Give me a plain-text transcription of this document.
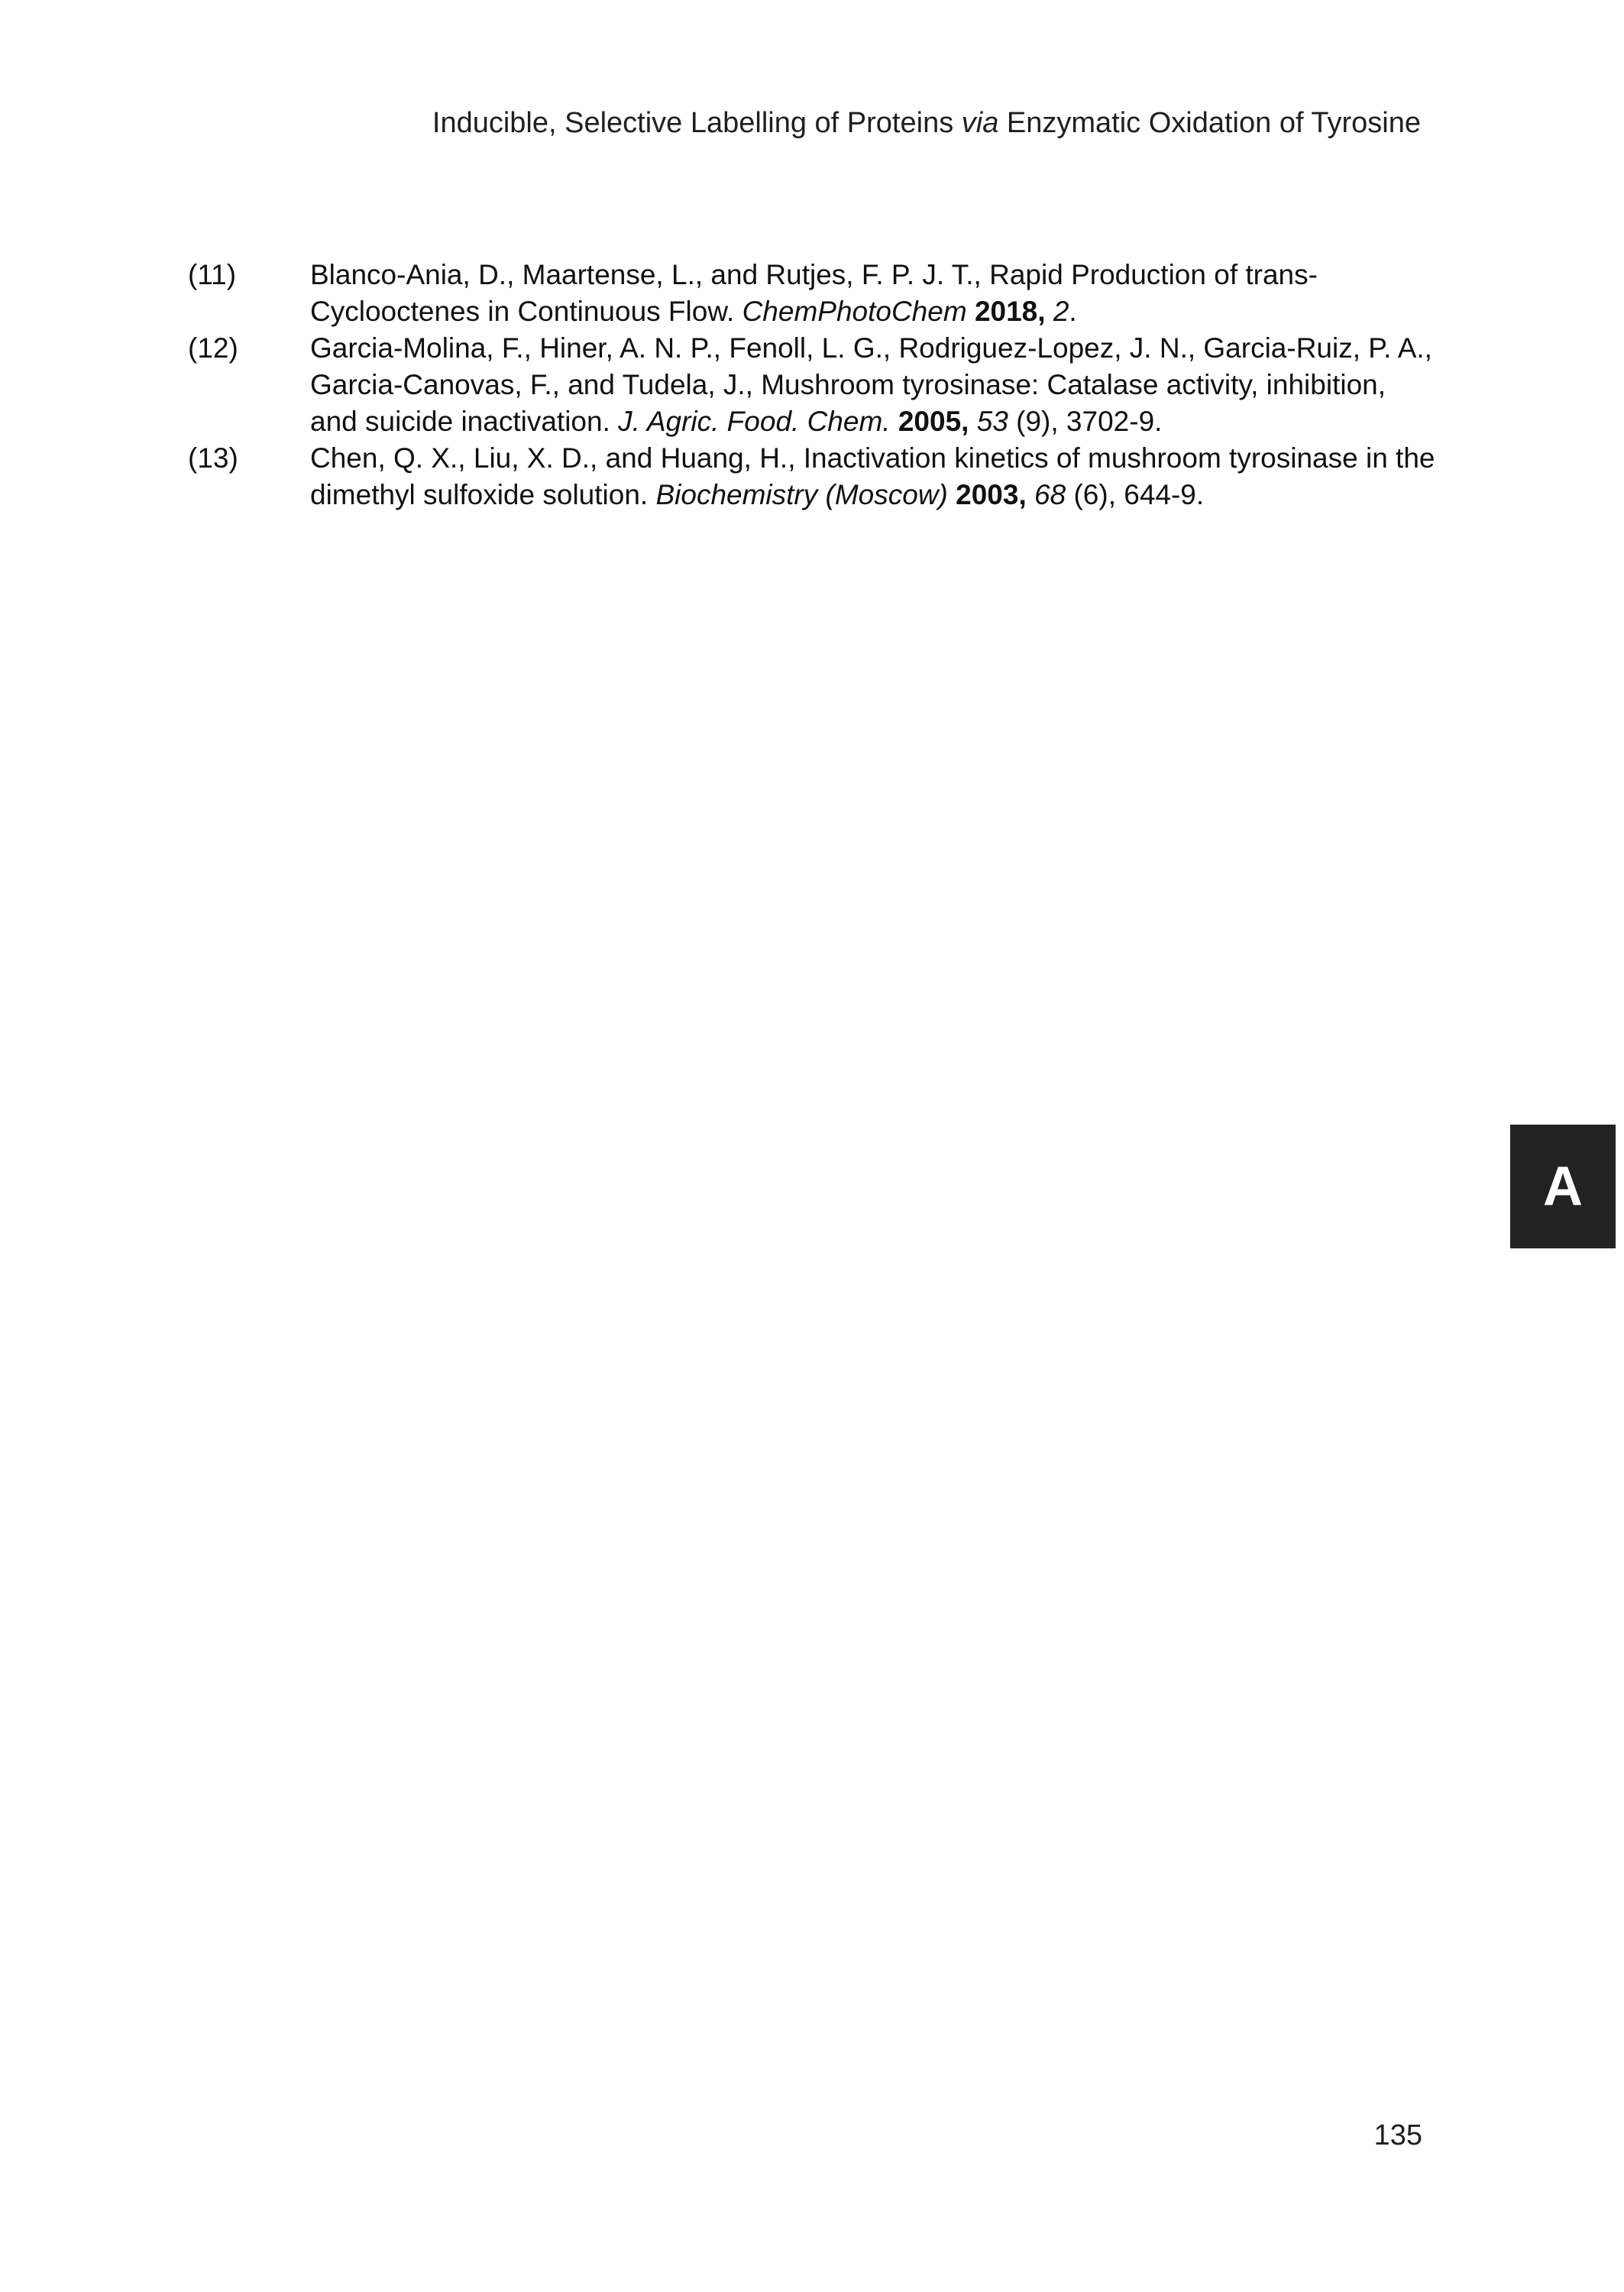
Inducible, Selective Labelling of Proteins via Enzymatic Oxidation of Tyrosine
(11)	Blanco-Ania, D., Maartense, L., and Rutjes, F. P. J. T., Rapid Production of trans-Cyclooctenes in Continuous Flow. ChemPhotoChem 2018, 2.
(12)	Garcia-Molina, F., Hiner, A. N. P., Fenoll, L. G., Rodriguez-Lopez, J. N., Garcia-Ruiz, P. A., Garcia-Canovas, F., and Tudela, J., Mushroom tyrosinase: Catalase activity, inhibition, and suicide inactivation. J. Agric. Food. Chem. 2005, 53 (9), 3702-9.
(13)	Chen, Q. X., Liu, X. D., and Huang, H., Inactivation kinetics of mushroom tyrosinase in the dimethyl sulfoxide solution. Biochemistry (Moscow) 2003, 68 (6), 644-9.
A
135
